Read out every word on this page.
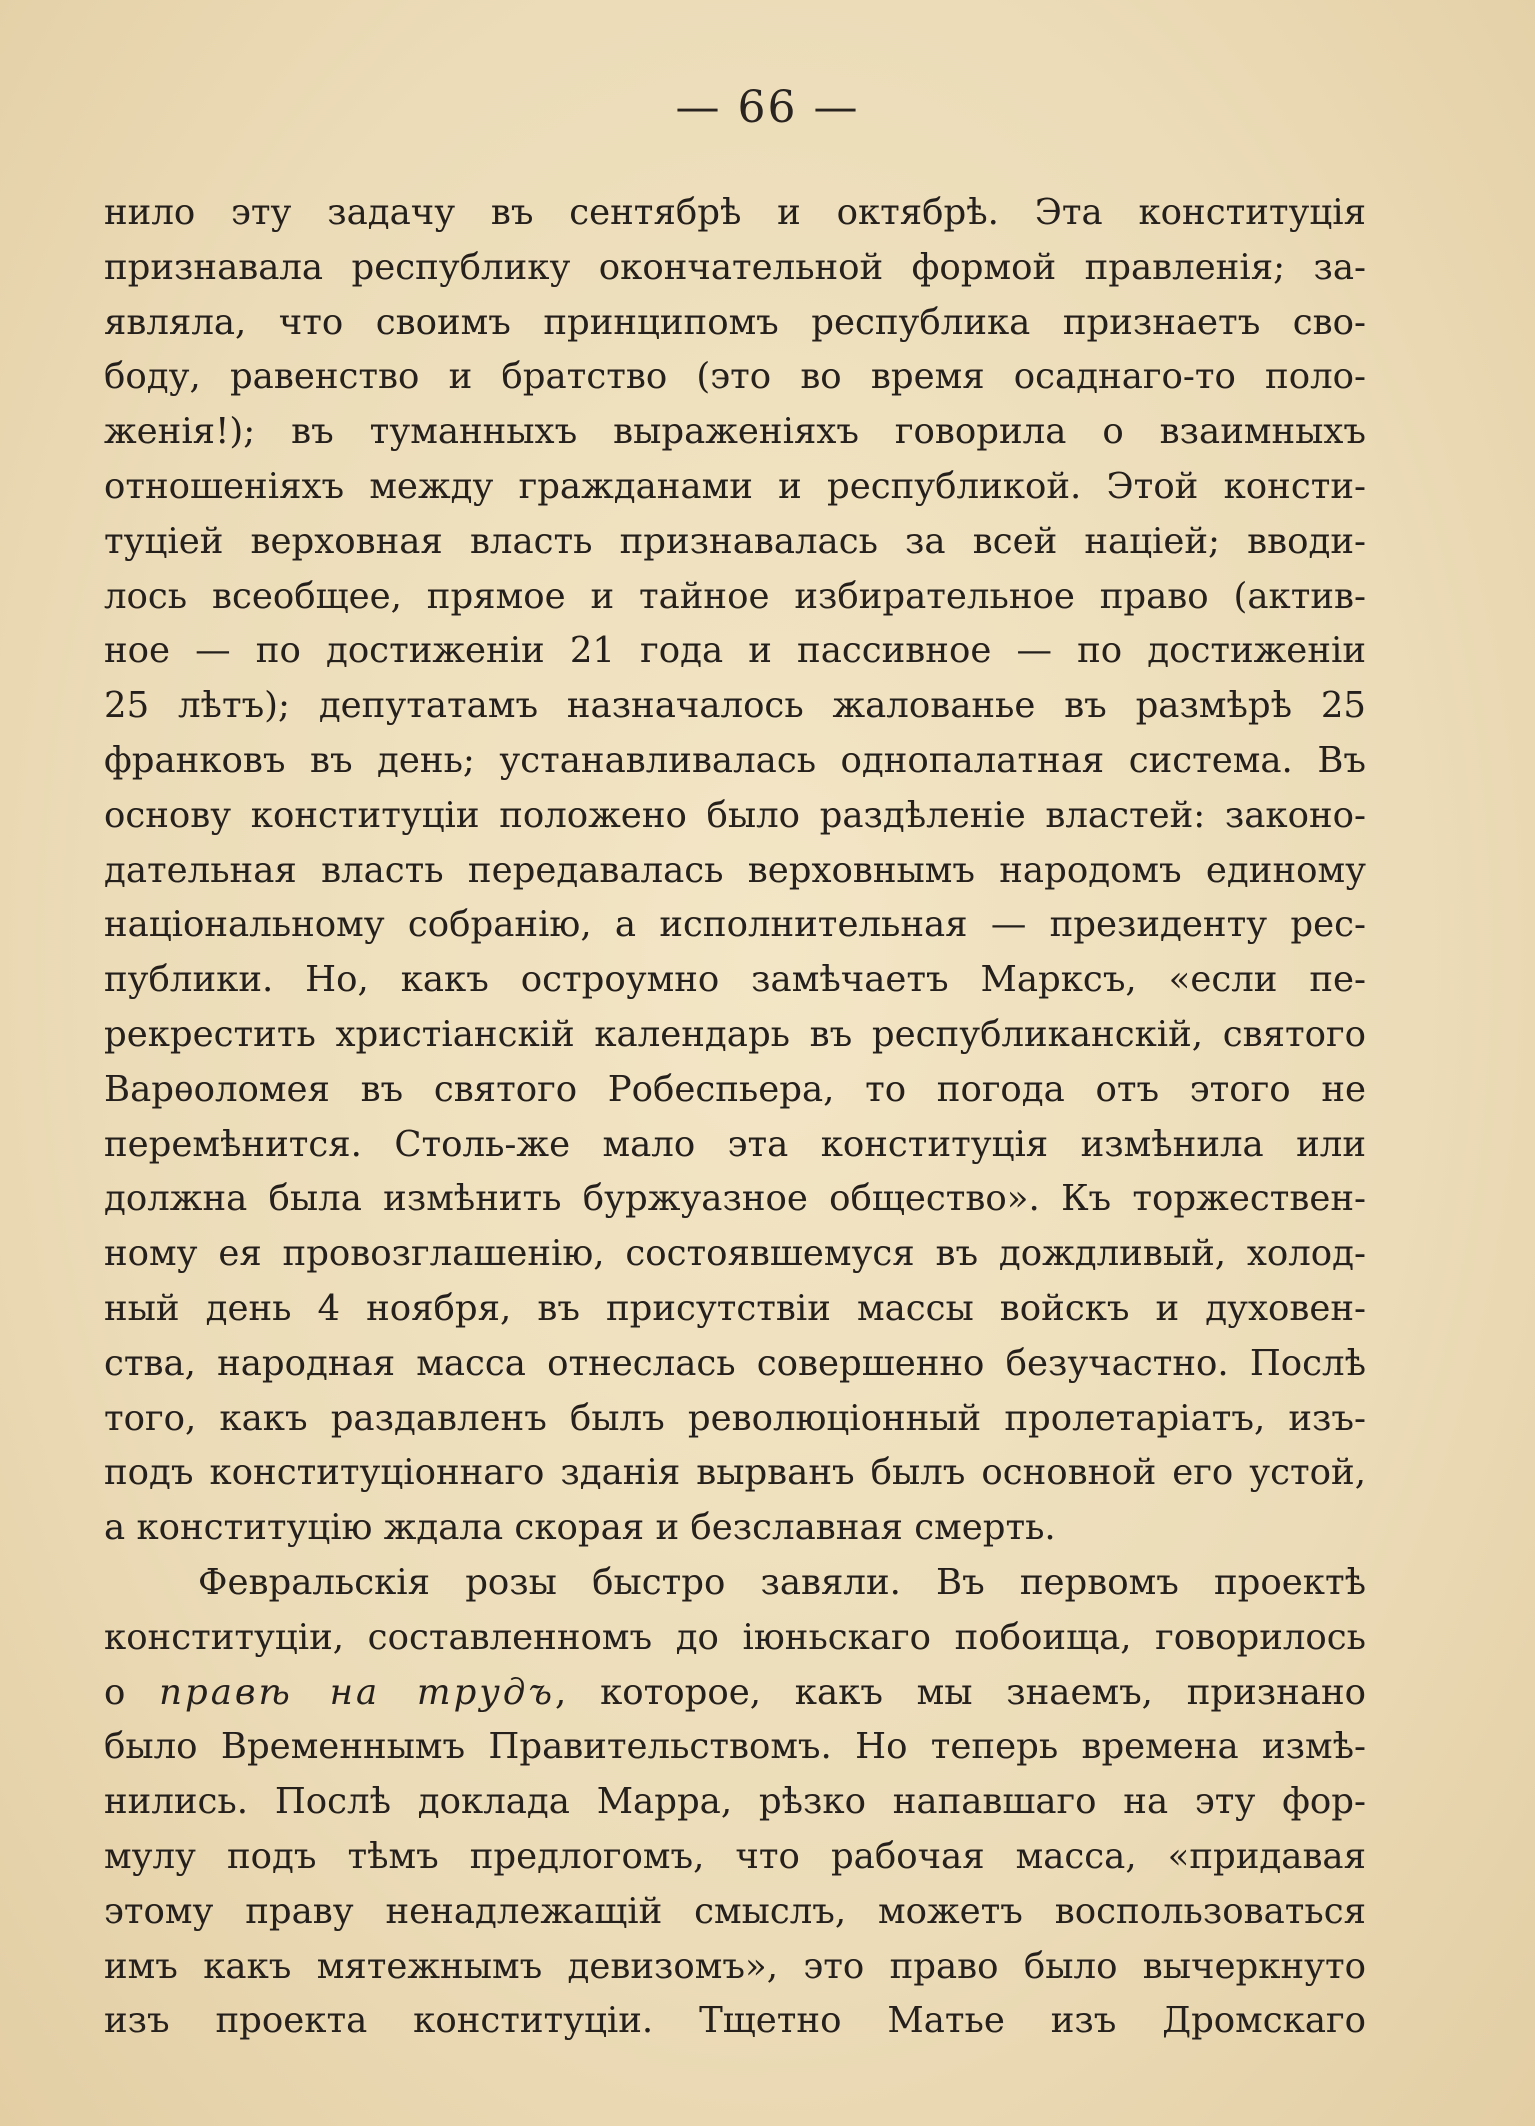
— 66 —
нило эту задачу въ сентябрѣ и октябрѣ. Эта конституція
признавала республику окончательной формой правленія; за-
являла, что своимъ принципомъ республика признаетъ сво-
боду, равенство и братство (это во время осаднаго-то поло-
женія!); въ туманныхъ выраженіяхъ говорила о взаимныхъ
отношеніяхъ между гражданами и республикой. Этой консти-
туціей верховная власть признавалась за всей націей; вводи-
лось всеобщее, прямое и тайное избирательное право (актив-
ное — по достиженіи 21 года и пассивное — по достиженіи
25 лѣтъ); депутатамъ назначалось жалованье въ размѣрѣ 25
франковъ въ день; устанавливалась однопалатная система. Въ
основу конституціи положено было раздѣленіе властей: законо-
дательная власть передавалась верховнымъ народомъ единому
національному собранію, а исполнительная — президенту рес-
публики. Но, какъ остроумно замѣчаетъ Марксъ, «если пе-
рекрестить христіанскій календарь въ республиканскій, святого
Варѳоломея въ святого Робеспьера, то погода отъ этого не
перемѣнится. Столь-же мало эта конституція измѣнила или
должна была измѣнить буржуазное общество». Къ торжествен-
ному ея провозглашенію, состоявшемуся въ дождливый, холод-
ный день 4 ноября, въ присутствіи массы войскъ и духовен-
ства, народная масса отнеслась совершенно безучастно. Послѣ
того, какъ раздавленъ былъ революціонный пролетаріатъ, изъ-
подъ конституціоннаго зданія вырванъ былъ основной его устой,
а конституцію ждала скорая и безславная смерть.
Февральскія розы быстро завяли. Въ первомъ проектѣ
конституціи, составленномъ до іюньскаго побоища, говорилось
о правѣ на трудъ, которое, какъ мы знаемъ, признано
было Временнымъ Правительствомъ. Но теперь времена измѣ-
нились. Послѣ доклада Марра, рѣзко напавшаго на эту фор-
мулу подъ тѣмъ предлогомъ, что рабочая масса, «придавая
этому праву ненадлежащій смыслъ, можетъ воспользоваться
имъ какъ мятежнымъ девизомъ», это право было вычеркнуто
изъ проекта конституціи. Тщетно Матье изъ Дромскаго
